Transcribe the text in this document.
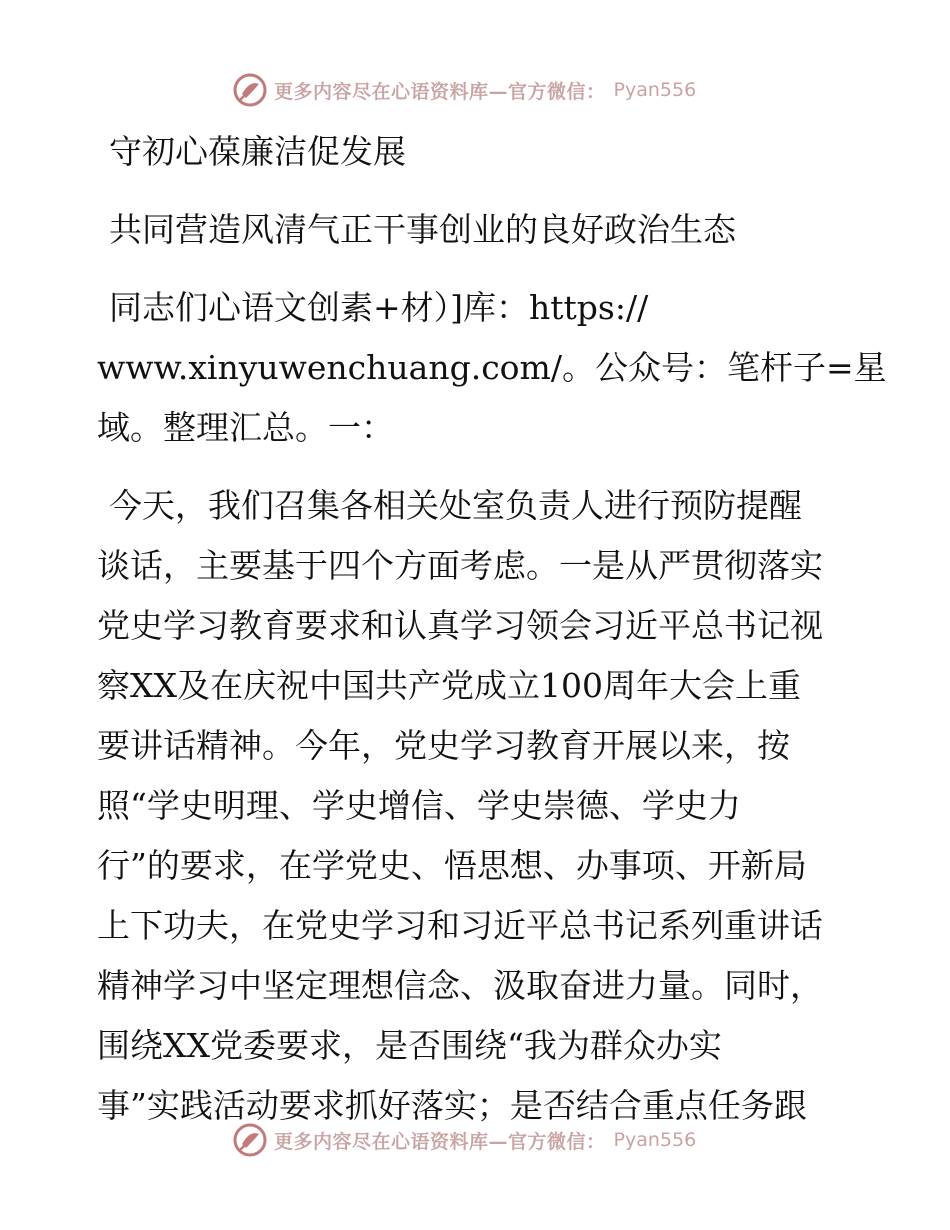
更多内容尽在心语资料库—官方微信： Pyan556
守初心葆廉洁促发展
共同营造风清气正干事创业的良好政治生态
同志们心语文创素+材）]库：https://
www.xinyuwenchuang.com/。公众号：笔杆子=星
域。整理汇总。一：
今天，我们召集各相关处室负责人进行预防提醒
谈话，主要基于四个方面考虑。一是从严贯彻落实
党史学习教育要求和认真学习领会习近平总书记视
察XX及在庆祝中国共产党成立100周年大会上重
要讲话精神。今年，党史学习教育开展以来，按
照“学史明理、学史增信、学史崇德、学史力
行”的要求，在学党史、悟思想、办事项、开新局
上下功夫，在党史学习和习近平总书记系列重讲话
精神学习中坚定理想信念、汲取奋进力量。同时，
围绕XX党委要求，是否围绕“我为群众办实
事”实践活动要求抓好落实；是否结合重点任务跟
更多内容尽在心语资料库—官方微信： Pyan556
